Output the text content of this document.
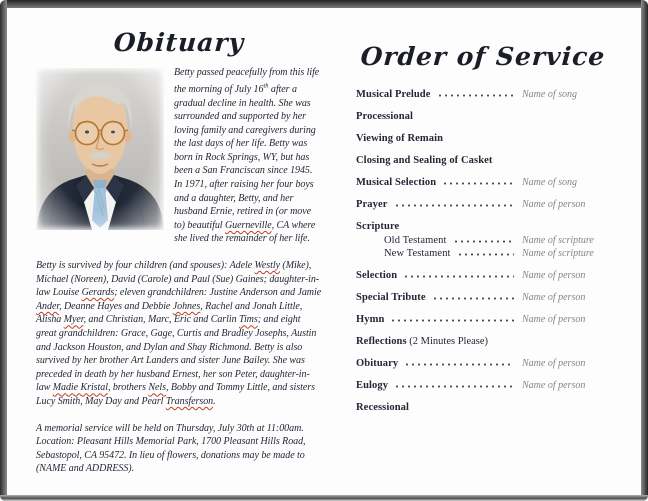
Obituary

Betty passed peacefully from this life the morning of July 16th after a gradual decline in health. She was surrounded and supported by her loving family and caregivers during the last days of her life. Betty was born in Rock Springs, WY, but has been a San Franciscan since 1945. In 1971, after raising her four boys and a daughter, Betty, and her husband Ernie, retired in (or move to) beautiful Guerneville, CA where she lived the remainder of her life.

Betty is survived by four children (and spouses): Adele Westly (Mike), Michael (Noreen), David (Carole) and Paul (Sue) Gaines; daughter-in-law Louise Gerards; eleven grandchildren: Justine Anderson and Jamie Ander, Deanne Hayes and Debbie Johnes, Rachel and Jonah Little, Alisha Myer, and Christian, Marc, Eric and Carlin Tims; and eight great grandchildren: Grace, Gage, Curtis and Bradley Josephs, Austin and Jackson Houston, and Dylan and Shay Richmond. Betty is also survived by her brother Art Landers and sister June Bailey. She was preceded in death by her husband Ernest, her son Peter, daughter-in-law Madie Kristal, brothers Nels, Bobby and Tommy Little, and sisters Lucy Smith, May Day and Pearl Transferson.

A memorial service will be held on Thursday, July 30th at 11:00am. Location: Pleasant Hills Memorial Park, 1700 Pleasant Hills Road, Sebastopol, CA 95472. In lieu of flowers, donations may be made to (NAME and ADDRESS).

Order of Service
Musical Prelude	Name of song
Processional
Viewing of Remain
Closing and Sealing of Casket
Musical Selection	Name of song
Prayer	Name of person
Scripture
Old Testament	Name of scripture
New Testament	Name of scripture
Selection	Name of person
Special Tribute	Name of person
Hymn	Name of person
Reflections (2 Minutes Please)
Obituary	Name of person
Eulogy	Name of person
Recessional
